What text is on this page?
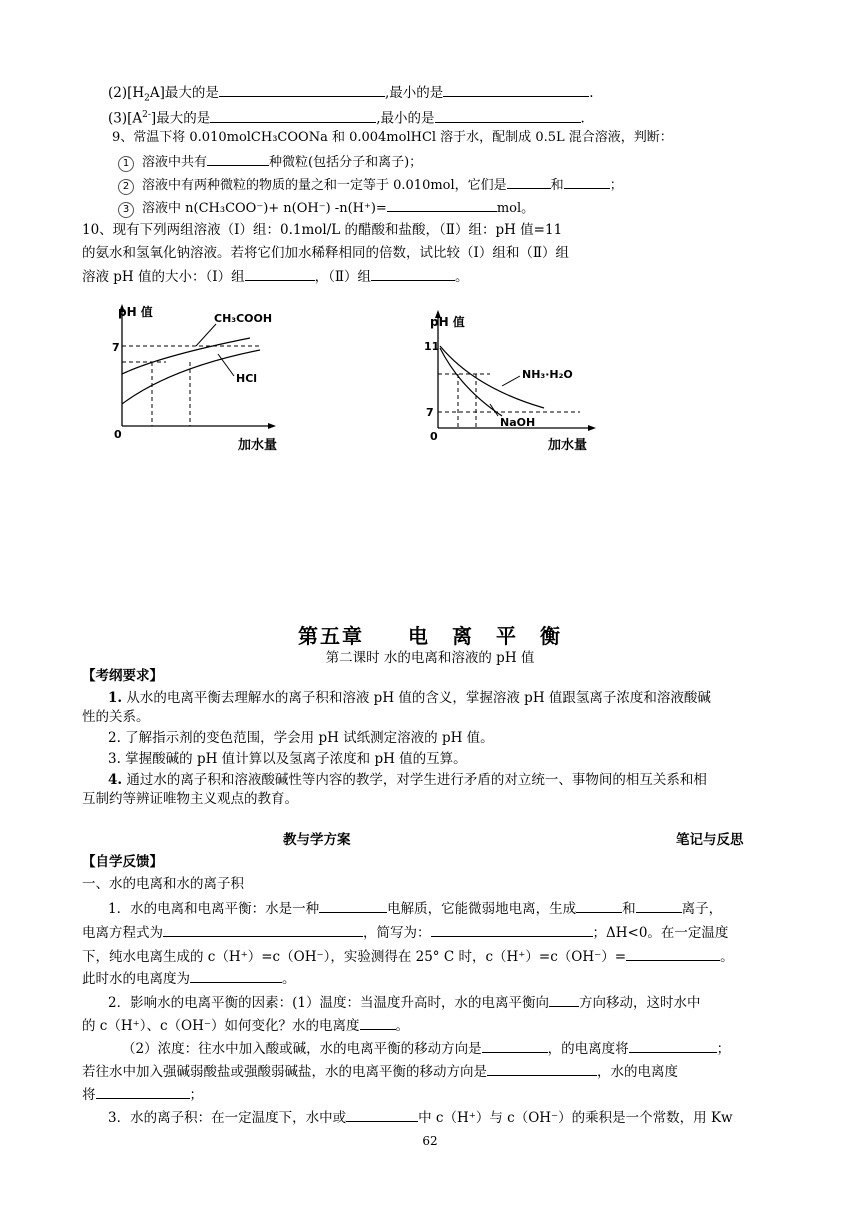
$(2)[H_2A]$最大的是	,最小的是	.
$(3)[A^{2-}]$最大的是	,最小的是	.
9、常温下将 0.010molCH₃COONa 和 0.004molHCl 溶于水，配制成 0.5L 混合溶液，判断：
1 溶液中共有	种微粒(包括分子和离子)；
2 溶液中有两种微粒的物质的量之和一定等于 0.010mol，它们是	和	；
3 溶液中 n(CH₃COO⁻)+ n(OH⁻) -n(H⁺)=	mol。
10、现有下列两组溶液（Ⅰ）组：0.1mol/L 的醋酸和盐酸，（Ⅱ）组：pH 值=11
的氨水和氢氧化钠溶液。若将它们加水稀释相同的倍数，试比较（Ⅰ）组和（Ⅱ）组
溶液 pH 值的大小：（Ⅰ）组	，（Ⅱ）组	。
pH 值
7
0
加水量
CH₃COOH
HCl
pH 值
11
7
0
加水量
NH₃·H₂O
NaOH
第五章　　电　离　平　衡
第二课时 水的电离和溶液的 pH 值
【考纲要求】
1. 从水的电离平衡去理解水的离子积和溶液 pH 值的含义，掌握溶液 pH 值跟氢离子浓度和溶液酸碱
性的关系。
2. 了解指示剂的变色范围，学会用 pH 试纸测定溶液的 pH 值。
3. 掌握酸碱的 pH 值计算以及氢离子浓度和 pH 值的互算。
4. 通过水的离子积和溶液酸碱性等内容的教学，对学生进行矛盾的对立统一、事物间的相互关系和相
互制约等辨证唯物主义观点的教育。
教与学方案	笔记与反思
【自学反馈】
一、水的电离和水的离子积
1．水的电离和电离平衡：水是一种	电解质，它能微弱地电离，生成	和	离子，
电离方程式为	，简写为：	；ΔH<0。在一定温度
下，纯水电离生成的 c（H⁺）=c（OH⁻），实验测得在 25° C 时，c（H⁺）=c（OH⁻）=	。
此时水的电离度为	。
2．影响水的电离平衡的因素：(1）温度：当温度升高时，水的电离平衡向 方向移动，这时水中
的 c（H⁺）、c（OH⁻）如何变化？水的电离度	。
（2）浓度：往水中加入酸或碱，水的电离平衡的移动方向是	，的电离度将	；
若往水中加入强碱弱酸盐或强酸弱碱盐，水的电离平衡的移动方向是	，水的电离度
将	；
3．水的离子积：在一定温度下，水中或	中 c（H⁺）与 c（OH⁻）的乘积是一个常数，用 Kw
62
